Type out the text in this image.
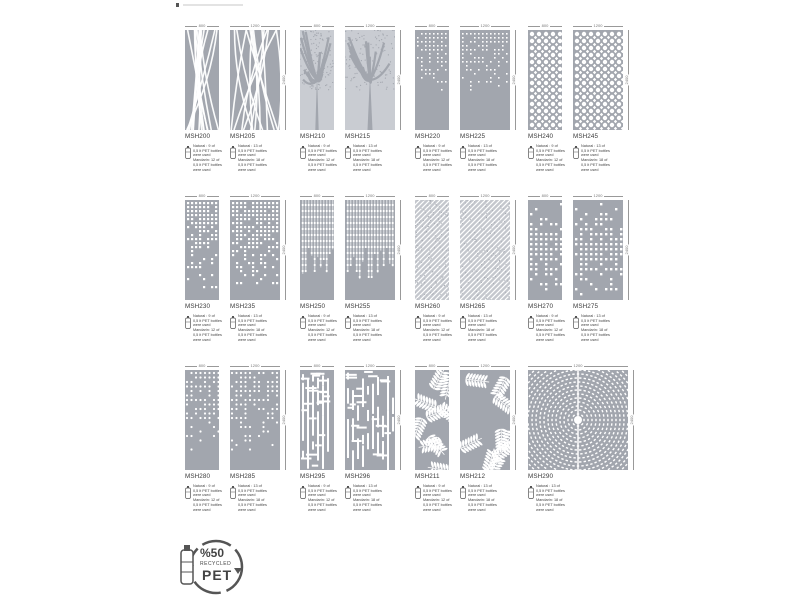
800
MSH200
Natural : 9 of
0,5 lt PET bottles
were used
Mandarin: 12 of
0,5 lt PET bottles
were used
1200
2400
MSH205
Natural : 13 of
0,5 lt PET bottles
were used
Mandarin: 18 of
0,5 lt PET bottles
were used
800
MSH210
Natural : 9 of
0,5 lt PET bottles
were used
Mandarin: 12 of
0,5 lt PET bottles
were used
1200
2400
MSH215
Natural : 13 of
0,5 lt PET bottles
were used
Mandarin: 18 of
0,5 lt PET bottles
were used
800
MSH220
Natural : 9 of
0,5 lt PET bottles
were used
Mandarin: 12 of
0,5 lt PET bottles
were used
1200
2400
MSH225
Natural : 13 of
0,5 lt PET bottles
were used
Mandarin: 18 of
0,5 lt PET bottles
were used
800
MSH240
Natural : 9 of
0,5 lt PET bottles
were used
Mandarin: 12 of
0,5 lt PET bottles
were used
1200
2400
MSH245
Natural : 13 of
0,5 lt PET bottles
were used
Mandarin: 18 of
0,5 lt PET bottles
were used
800
MSH230
Natural : 9 of
0,5 lt PET bottles
were used
Mandarin: 12 of
0,5 lt PET bottles
were used
1200
2400
MSH235
Natural : 13 of
0,5 lt PET bottles
were used
Mandarin: 18 of
0,5 lt PET bottles
were used
800
MSH250
Natural : 9 of
0,5 lt PET bottles
were used
Mandarin: 12 of
0,5 lt PET bottles
were used
1200
2400
MSH255
Natural : 13 of
0,5 lt PET bottles
were used
Mandarin: 18 of
0,5 lt PET bottles
were used
800
MSH260
Natural : 9 of
0,5 lt PET bottles
were used
Mandarin: 12 of
0,5 lt PET bottles
were used
1200
2400
MSH265
Natural : 13 of
0,5 lt PET bottles
were used
Mandarin: 18 of
0,5 lt PET bottles
were used
800
MSH270
Natural : 9 of
0,5 lt PET bottles
were used
Mandarin: 12 of
0,5 lt PET bottles
were used
1200
2400
MSH275
Natural : 13 of
0,5 lt PET bottles
were used
Mandarin: 18 of
0,5 lt PET bottles
were used
800
MSH280
Natural : 9 of
0,5 lt PET bottles
were used
Mandarin: 12 of
0,5 lt PET bottles
were used
1200
2400
MSH285
Natural : 13 of
0,5 lt PET bottles
were used
Mandarin: 18 of
0,5 lt PET bottles
were used
800
MSH295
Natural : 9 of
0,5 lt PET bottles
were used
Mandarin: 12 of
0,5 lt PET bottles
were used
1200
2400
MSH296
Natural : 13 of
0,5 lt PET bottles
were used
Mandarin: 18 of
0,5 lt PET bottles
were used
800
MSH211
Natural : 9 of
0,5 lt PET bottles
were used
Mandarin: 12 of
0,5 lt PET bottles
were used
1200
2400
MSH212
Natural : 13 of
0,5 lt PET bottles
were used
Mandarin: 18 of
0,5 lt PET bottles
were used
1200
2400
MSH290
Natural : 13 of
0,5 lt PET bottles
were used
Mandarin: 18 of
0,5 lt PET bottles
were used
%50
RECYCLED
PET
